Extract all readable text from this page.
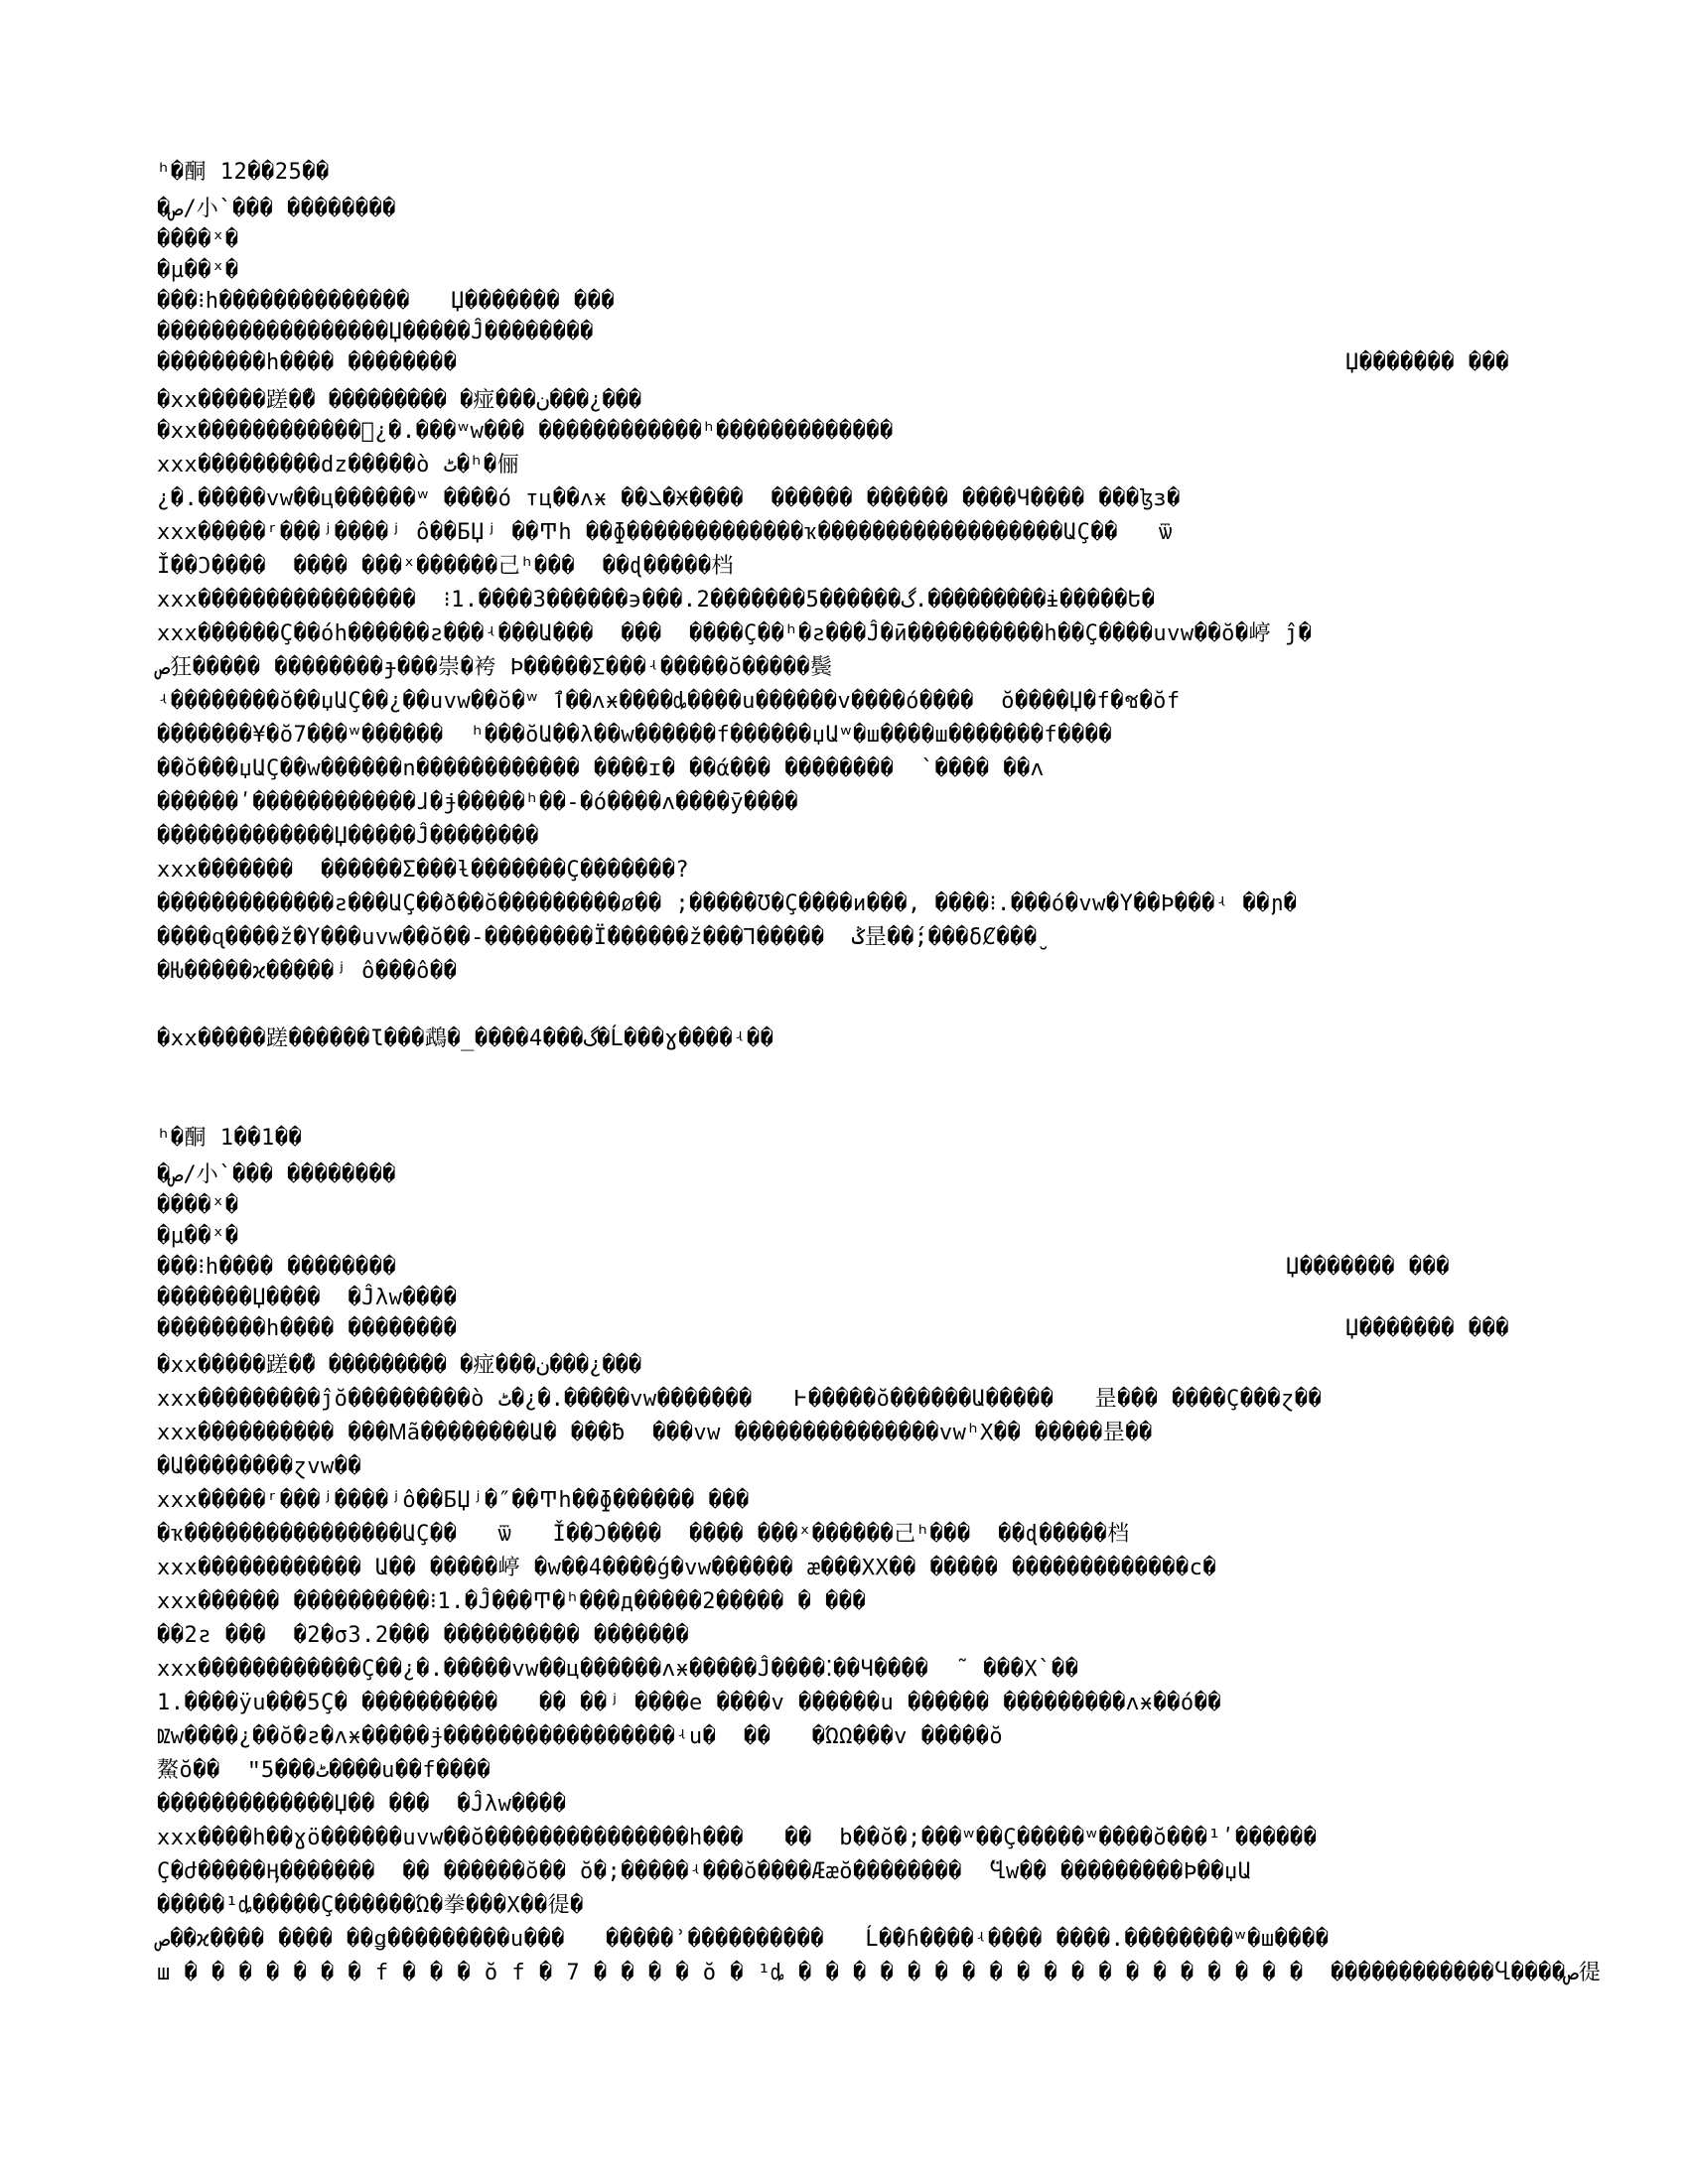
ʰ�酮 12��25��
�ص/小`��� ��������
����ˣ�
�µ��ˣ�
���⁝h��������������   Џ������� ���
�����������������Џ�����Ĵ��������
��������h���� ��������	Џ������� ���
�xx�����蹉��ّ ��������� �痖���ن���¿���
�xx������������ͧ¿�.���ʷw��� ������������ʰ�������������
xxx���������dz�����ò ٹ�ʰ�俪
¿�.�����vw��ц������ʷ ����ό тц��ʌӿ ��ܠ�Ӿ����  ������ ������ ����Ч���� ���ɮз�
xxx�����ʳ���ʲ����ʲ ô��ƂЏʲ ��Ͳh ��ɸ�������������ҡ������������������ԱÇ��   ѿ
Ǐ��Ͻ����  ���� ���ˣ������己ʰ���  ��ɖ�����档
xxx����������������  ⁝1.����3������϶���.2�������5������گ.���������ɨ�����Ե�
xxx������Ç��óh������ƨ���ʵ���Ա���  ���  ����Ç��ʰ�ƨ���Ĵ�ӣ����������h��Ç����uvw��ŏ�嵉 ĵ�
ص狂����� ��������ɟ���崇�袴 Ϸ�����Σ���ʵ�����ŏ�����鬓
ʵ��������ŏ��џԱÇ��¿��uvw��ŏ�ʷ ٱ��ʌӿ����ȡ����u������v����ό����  ŏ����Џ�f�ช�ŏf
�������¥�ŏ7���ʷ������  ʰ���ŏԱ��λ��w������f������џԱʷ�ш����ш�������f����
��ŏ���џԱÇ��w������n������������ ����ɪ� ��ά��� ��������  ̀ ���� ��ʌ
������ʹ������������ɺ�ɉ�����ʰ��-�ό����ʌ����ӯ����
�������������Џ�����Ĵ��������
xxx�������  ������Ʃ���ƚ�������Ç�������?
�������������ƨ���ԱÇ��ð��ŏ���������ø�� ;�����Ʊ�Ç����и���, ����⁝.���ό�vw�Ү��Ϸ���ʵ ��ɲ�
����ɋ����ž�Ү���uvw��ŏ��-��������Ḯ������ž���Ꞁ�����  ݣ昰��́;���δȻ���̮
�Ƕ�����ϰ�����ʲ ô���ô��
�xx�����蹉������Ɩ���鵡�_����4���گ�Ĺ���ɣ����ʵ��
ʰ�酮 1��1��
�ص/小`��� ��������
����ˣ�
�µ��ˣ�
���⁝h���� ��������	Џ������� ���
�������Џ����  �Ĵλw����
��������h���� ��������	Џ������� ���
�xx�����蹉��ّ ��������� �痖���ن���¿���
xxx���������ĵŏ���������ò ٹ�¿�.�����vw�������   Ͱ�����ŏ������Ա�����   昰��� ����Ç���ɀ��
xxx���������� ���Ꮇã��������Ա� ���ƀ  ���vw ���������������vwʰΧ�� �����昰��
�Ա��������ɀvw��
xxx�����ʳ���ʲ����ʲô��ƂЏʲ�″��Ͳh��ɸ������ ���
�ҡ����������������ԱÇ��   ѿ   Ǐ��Ͻ����  ���� ���ˣ������己ʰ���  ��ɖ�����档
xxx������������ Ա�� �����嵉 �w��4����ǵ�vw������ æ���ΧΧ�� ����� �������������c�
xxx������ ����������⁝1.�Ĵ���Ͳ�ʰ���д�����2����� � ���
��2ƨ ���  �2�σ3.2��� ���������� �������
xxx������������Ç��¿�.�����vw��ц������ʌӿ�����Ĵ����⁚��Ч����  ˜ ���Χ`��
1.����ÿu���5Ç� ����������   �� ��ʲ ����e ����v ������u ������ ���������ʌӿ��ό��
Ǳw����¿��ŏ�ƨ�ʌӿ�����ɉ�����������������ʵu�  ��   �ΏΩ���v �����ŏ
鰲ŏ��  ʺ5���ٹ����u��f����
�������������Џ�� ���  �Ĵλw����
xxx����h��ɣö������uvw��ŏ���������������h���   ��  b��ŏ�;���ʷ��Ç�����ʷ����ŏ���¹ʹ������
Ç�ժ�����Ӊ�������  �� ������ŏ�� ŏ�;�����ʵ���ŏ����Ææŏ��������  ̈Ⴁw�� ���������Ϸ��џԱ
�����¹ȡ�����Ç������Ώ�拳���Χ��徥�
ص��ϰ���� ���� ��ǥ���������u���   �����ʾ����������   Ĺ��ɦ����ʵ���� ����.��������ʷ�ш����
ш � � � � � � � f � � � ŏ f � 7 � � � � ŏ � ¹ȡ � � � � � � � � � � � � � � � � � � �  ������������Ⴁ����ص徥
